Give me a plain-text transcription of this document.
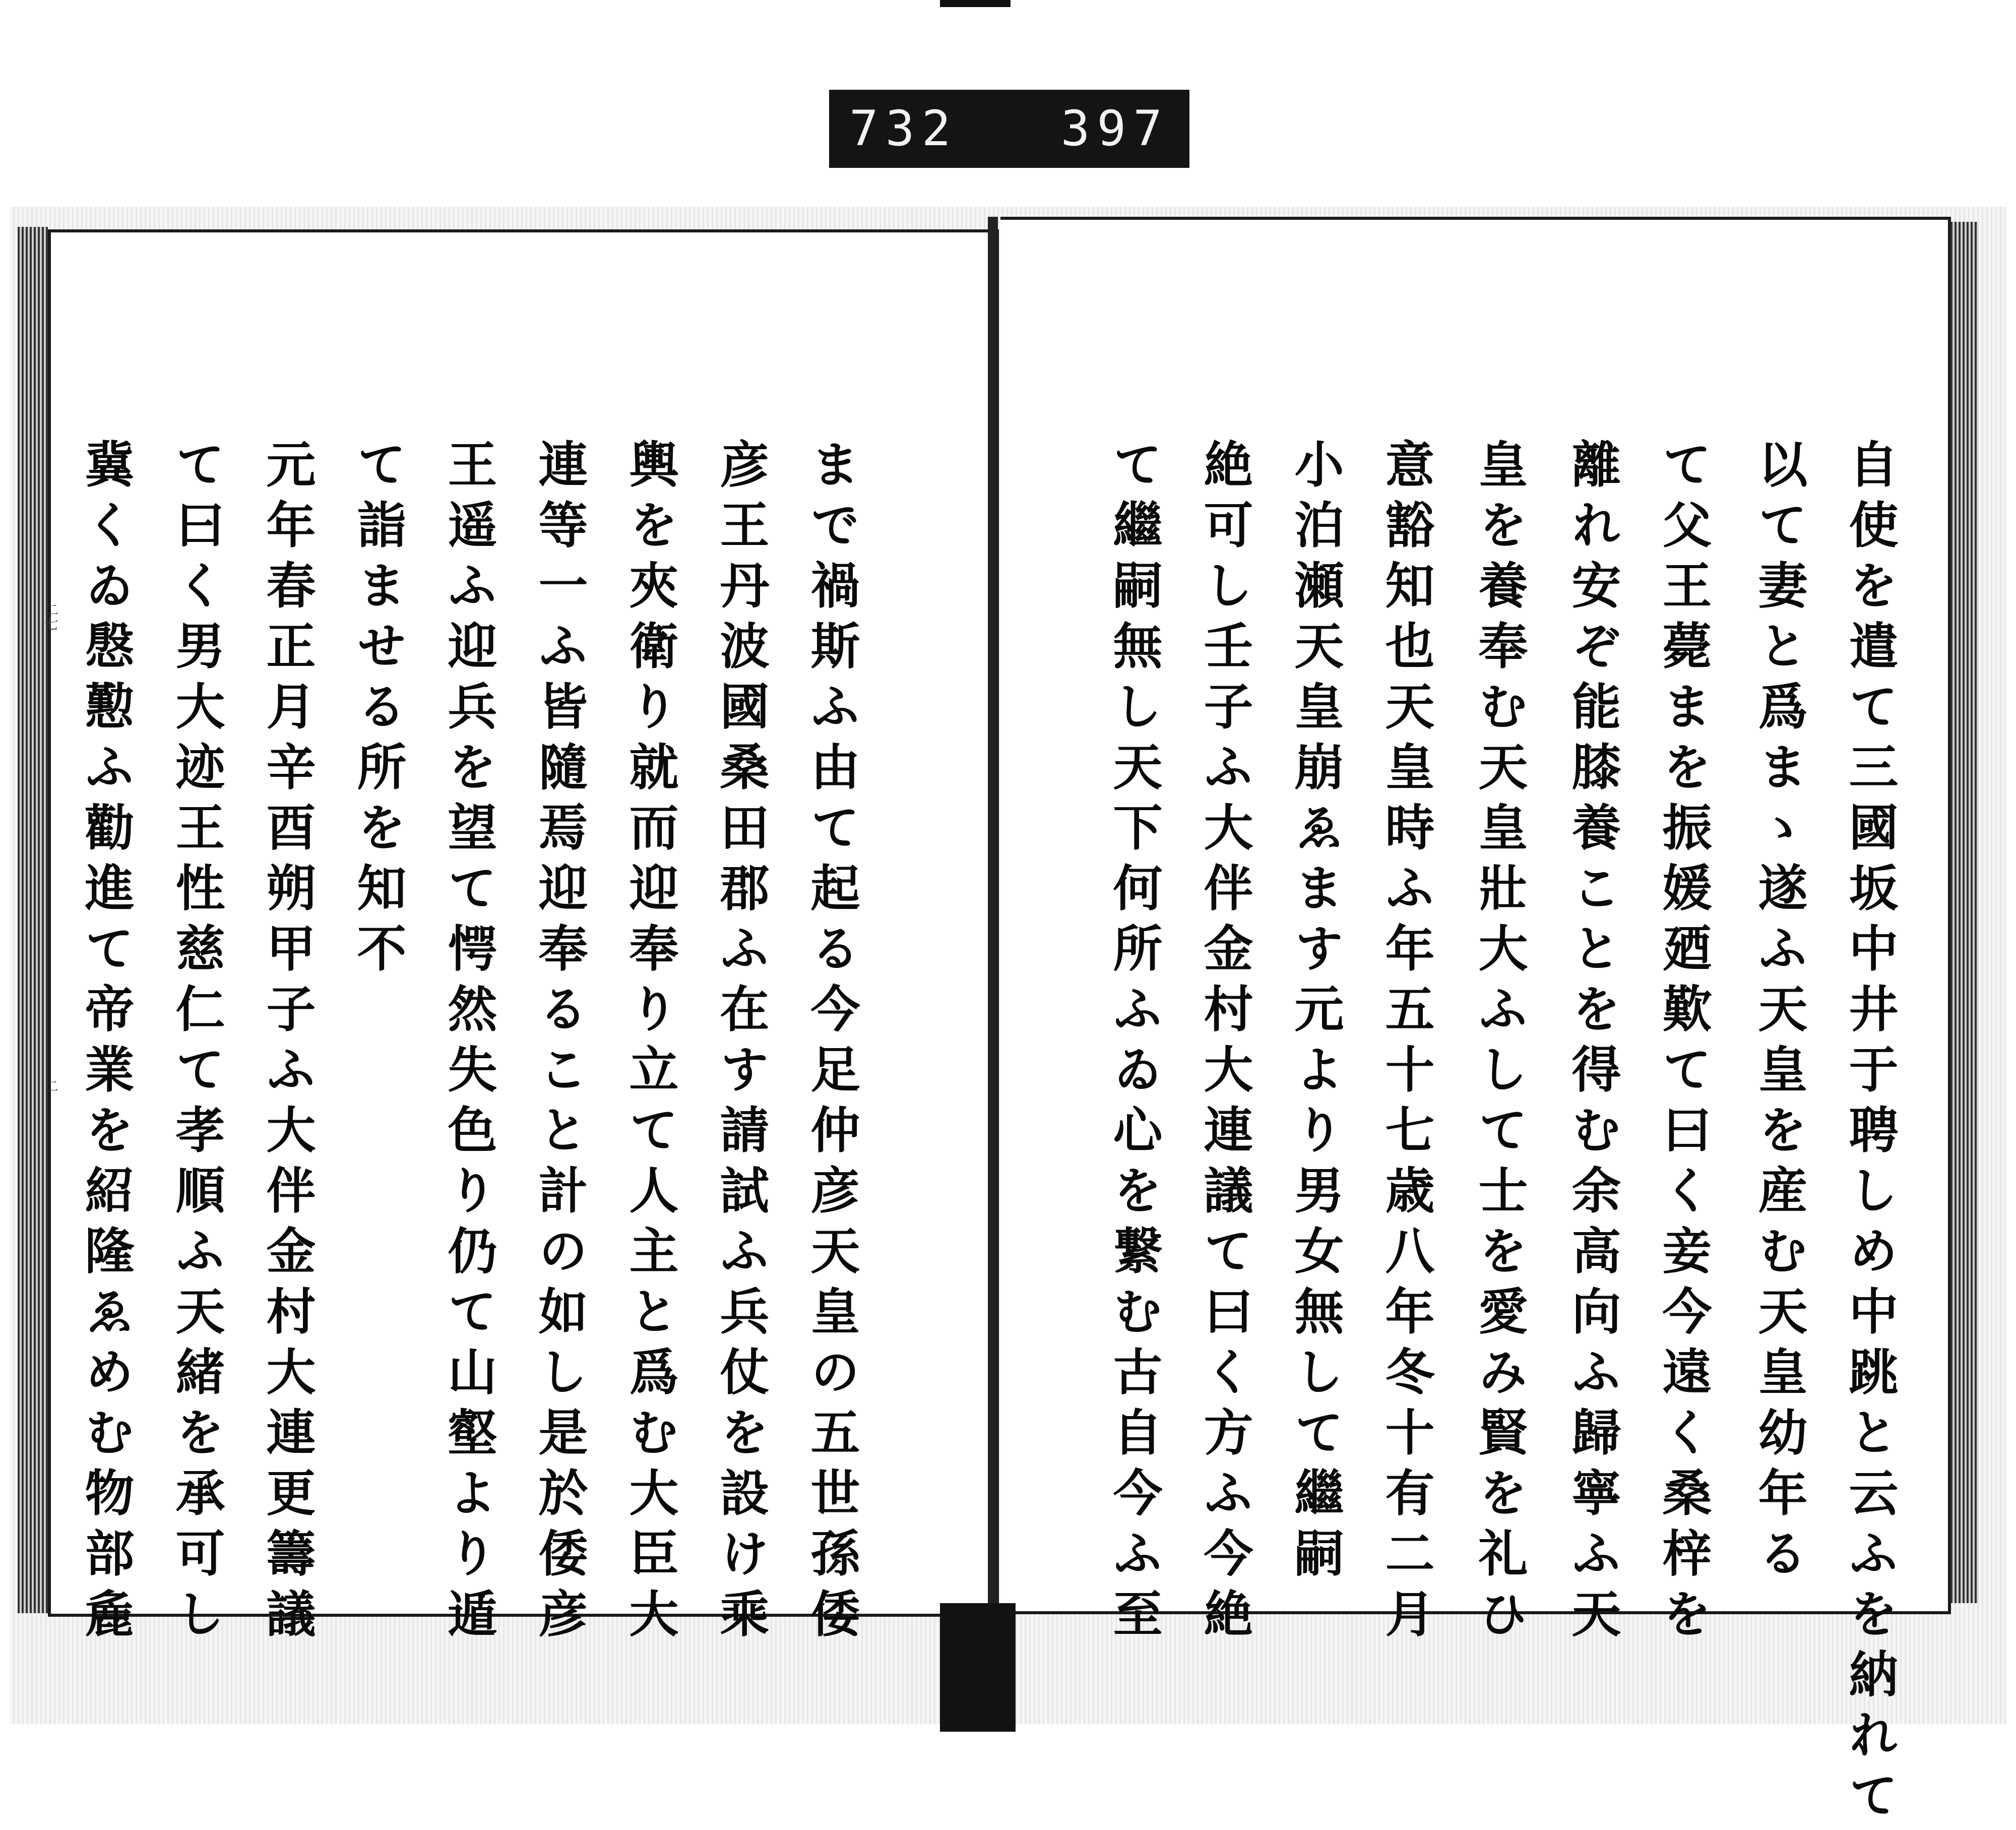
732 397
二七
二	自使を遣て三國坂中井于聘しめ中跳と云ふを納れて
以て妻と爲まゝ遂ふ天皇を産む天皇幼年る
て父王薨まを振媛廼歎て曰く妾今遠く桑梓を
離れ安ぞ能膝養ことを得む余高向ふ歸寧ふ天
皇を養奉む天皇壯大ふして士を愛み賢を礼ひ
意豁知也天皇時ふ年五十七歳八年冬十有二月
小泊瀬天皇崩ゑます元より男女無して繼嗣
絶可し壬子ふ大伴金村大連議て曰く方ふ今絶
て繼嗣無し天下何所ふゐ心を繋む古自今ふ至
まで禍斯ふ由て起る今足仲彦天皇の五世孫倭
彦王丹波國桑田郡ふ在す請試ふ兵仗を設け乘
輿を夾衛り就而迎奉り立て人主と爲む大臣大
連等一ふ皆隨焉迎奉ること計の如し是於倭彦
王遥ふ迎兵を望て愕然失色り仍て山壑より遁
て詣ませる所を知不
元年春正月辛酉朔甲子ふ大伴金村大連更籌議
て曰く男大迹王性慈仁て孝順ふ天緒を承可し
冀くゐ慇懃ふ勸進て帝業を紹隆ゑめむ物部麁
